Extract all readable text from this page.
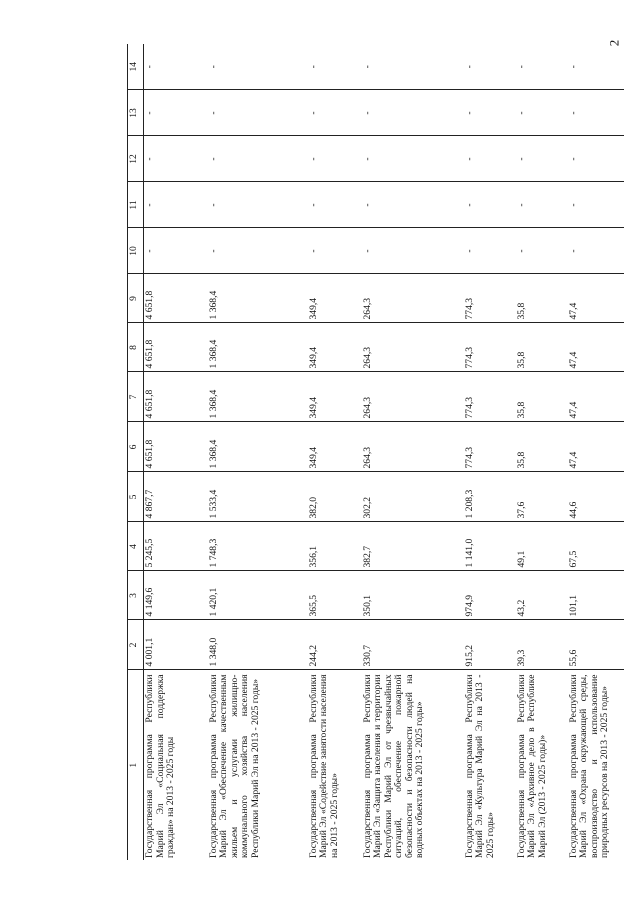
2
1	2	3	4	5	6	7	8	9	10	11	12	13	14
Государственная программа Республики Марий Эл «Социальная поддержка граждан» на 2013 - 2025 годы	4 001,1	4 149,6	5 245,5	4 867,7	4 651,8	4 651,8	4 651,8	4 651,8	-	-	-	-	-
Государственная программа Республики Марий Эл «Обеспечение качественным жильем и услугами жилищно-коммунального хозяйства населения Республики Марий Эл на 2013 - 2025 годы»	1 348,0	1 420,1	1 748,3	1 533,4	1 368,4	1 368,4	1 368,4	1 368,4	-	-	-	-	-
Государственная программа Республики Марий Эл «Содействие занятости населения на 2013 - 2025 годы»	244,2	365,5	356,1	382,0	349,4	349,4	349,4	349,4	-	-	-	-	-
Государственная программа Республики Марий Эл «Защита населения и территории Республики Марий Эл от чрезвычайных ситуаций, обеспечение пожарной безопасности и безопасности людей на водных объектах на 2013 - 2025 годы»	330,7	350,1	382,7	302,2	264,3	264,3	264,3	264,3	-	-	-	-	-
Государственная программа Республики Марий Эл «Культура Марий Эл на 2013 - 2025 годы»	915,2	974,9	1 141,0	1 208,3	774,3	774,3	774,3	774,3	-	-	-	-	-
Государственная программа Республики Марий Эл «Архивное дело в Республике Марий Эл (2013 - 2025 годы)»	39,3	43,2	49,1	37,6	35,8	35,8	35,8	35,8	-	-	-	-	-
Государственная программа Республики Марий Эл «Охрана окружающей среды, воспроизводство и использование природных ресурсов на 2013 - 2025 годы»	55,6	101,1	67,5	44,6	47,4	47,4	47,4	47,4	-	-	-	-	-
